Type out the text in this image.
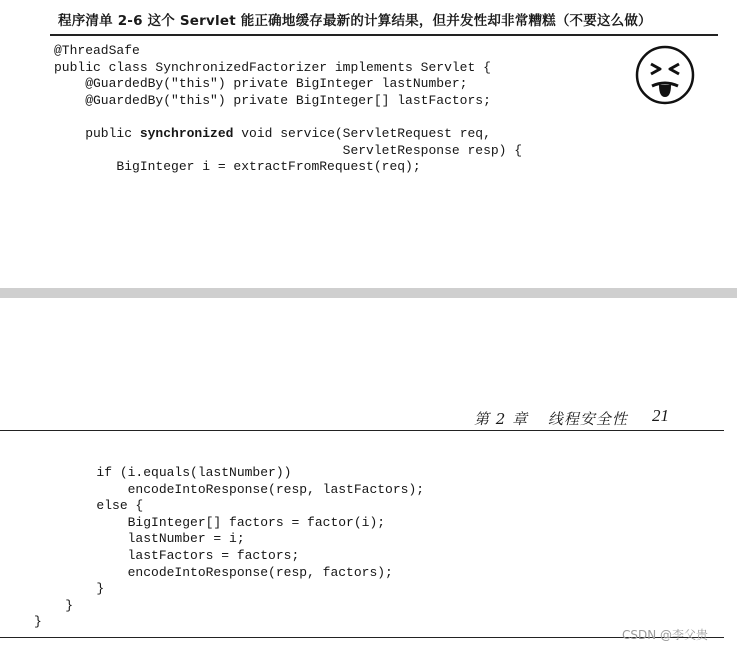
程序清单 2-6 这个 Servlet 能正确地缓存最新的计算结果，但并发性却非常糟糕（不要这么做）
@ThreadSafe
public class SynchronizedFactorizer implements Servlet {
@GuardedBy("this") private BigInteger lastNumber;
@GuardedBy("this") private BigInteger[] lastFactors;

public synchronized void service(ServletRequest req,
ServletResponse resp) {
BigInteger i = extractFromRequest(req);
第 2 章 线程安全性	21
if (i.equals(lastNumber))
encodeIntoResponse(resp, lastFactors);
else {
BigInteger[] factors = factor(i);
lastNumber = i;
lastFactors = factors;
encodeIntoResponse(resp, factors);
}
}
}
CSDN @李父贵
